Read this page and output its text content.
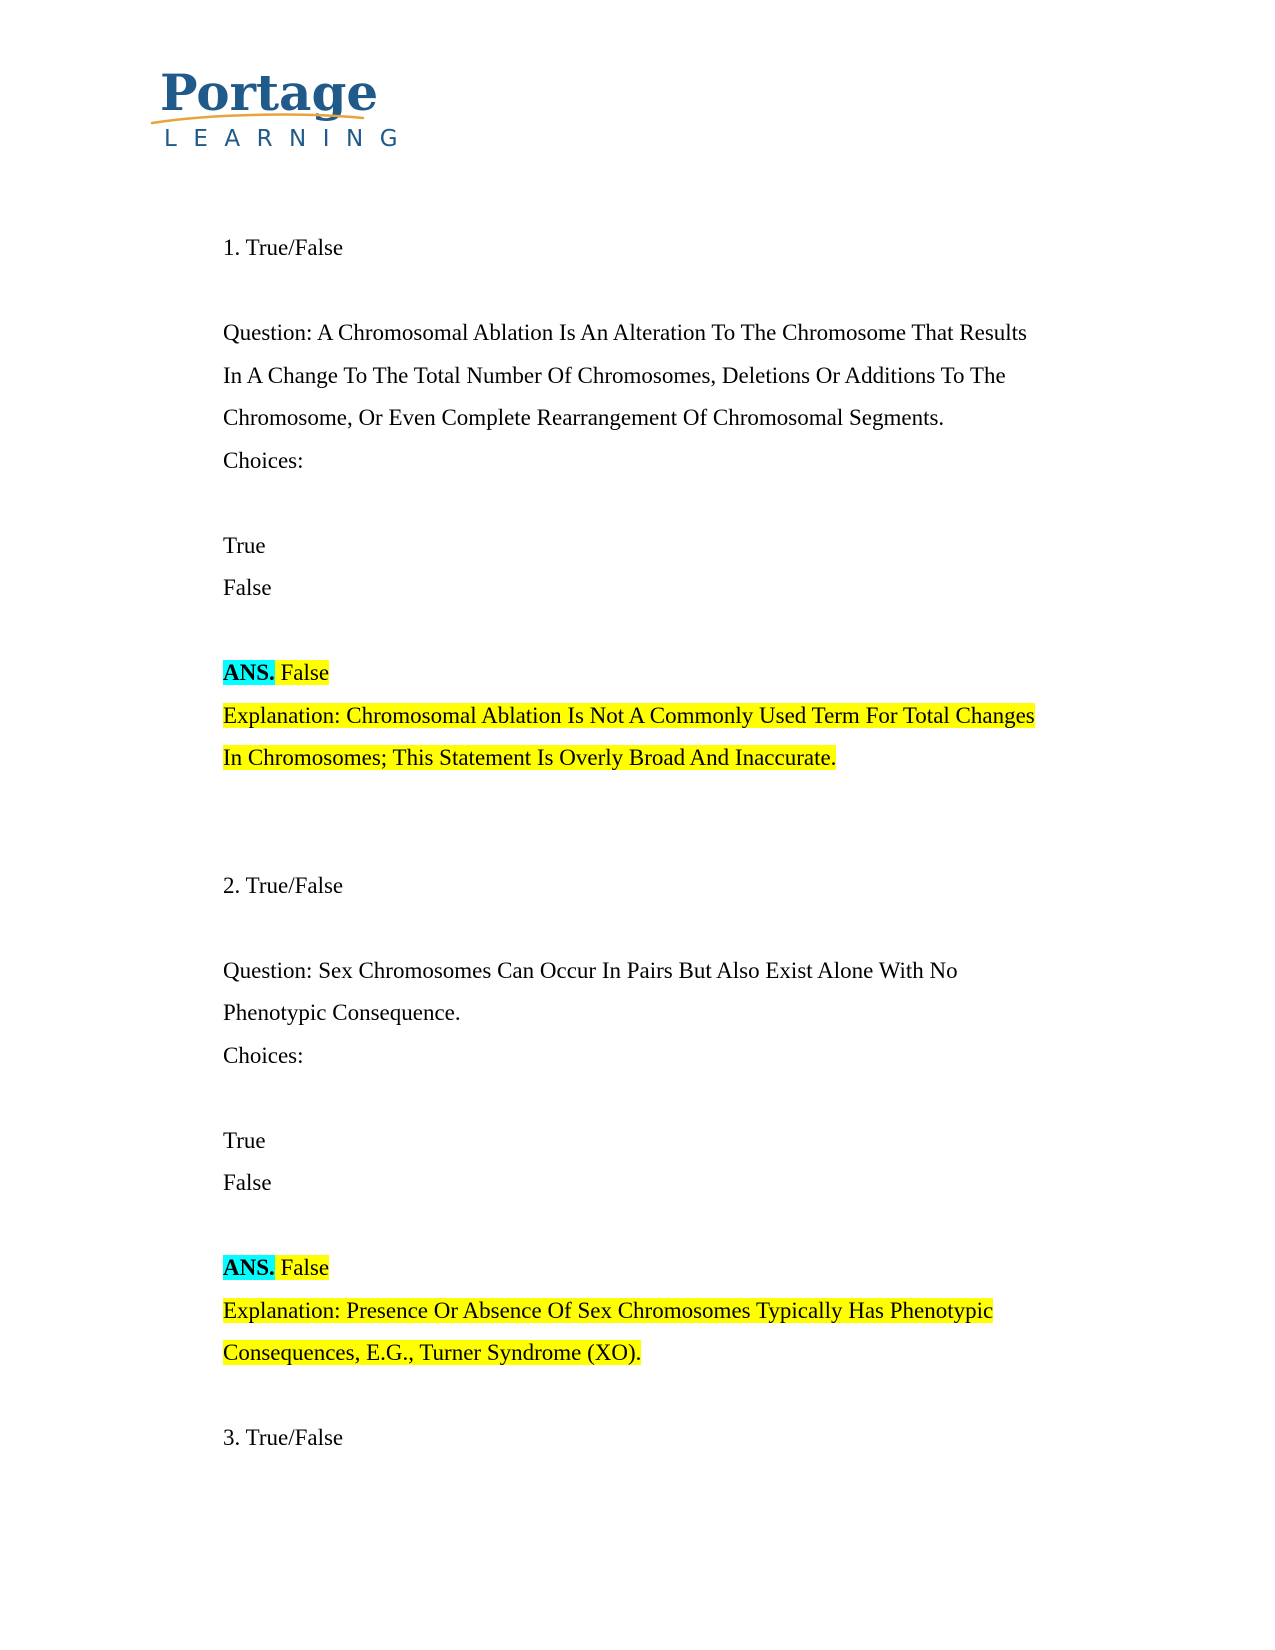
Portage
LEARNING
1. True/False
Question: A Chromosomal Ablation Is An Alteration To The Chromosome That Results
In A Change To The Total Number Of Chromosomes, Deletions Or Additions To The
Chromosome, Or Even Complete Rearrangement Of Chromosomal Segments.
Choices:
True
False
ANS. False
Explanation: Chromosomal Ablation Is Not A Commonly Used Term For Total Changes
In Chromosomes; This Statement Is Overly Broad And Inaccurate.
2. True/False
Question: Sex Chromosomes Can Occur In Pairs But Also Exist Alone With No
Phenotypic Consequence.
Choices:
True
False
ANS. False
Explanation: Presence Or Absence Of Sex Chromosomes Typically Has Phenotypic
Consequences, E.G., Turner Syndrome (XO).
3. True/False
